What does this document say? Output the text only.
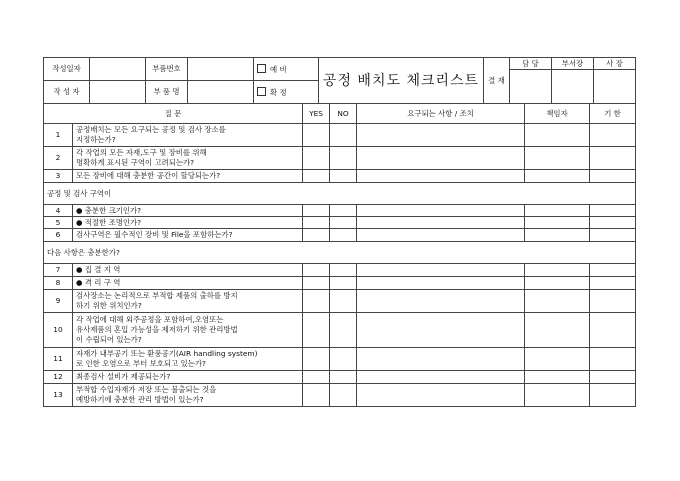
작성일자		부품번호		예 비	공정 배치도 체크리스트	결 재	담 당	부서장	사 장

작 성 자		부 품 명		확 정					

질 문		YES	NO	요구되는 사항 / 조치	책임자	기 한
1	공정배치는 모든 요구되는 공정 및 검사 장소를
지정하는가?					

2	각 작업의 모든 자재,도구 및 장비를 위해
명확하게 표시된 구역이 고려되는가?					

3	모든 장비에 대해 충분한 공간이 할당되는가?					

공정 및 검사 구역이						
4	● 충분한 크기인가?					

5	● 적절한 조명인가?					

6	검사구역은 필수적인 장비 및 File을 포함하는가?					

다음 사항은 충분한가?						
7	● 집 결 지 역					

8	● 격 리 구 역					

9	검사장소는 논리적으로 부적합 제품의 출하를 방지
하기 위한 위치인가?					

10	각 작업에 대해 외주공정을 포함하여,오염또는
유사제품의 혼입 가능성을 제저하기 위한 관리방법
이 수립되어 있는가?					

11	자재가 내부공기 또는 환풍공기(AIR handling system)
로 인한 오염으로 부터 보호되고 있는가?					

12	최종검사 설비가 제공되는가?					

13	부적합 수입자재가 저장 또는 불출되는 것을
예방하기에 충분한 관리 방법이 있는가?					
